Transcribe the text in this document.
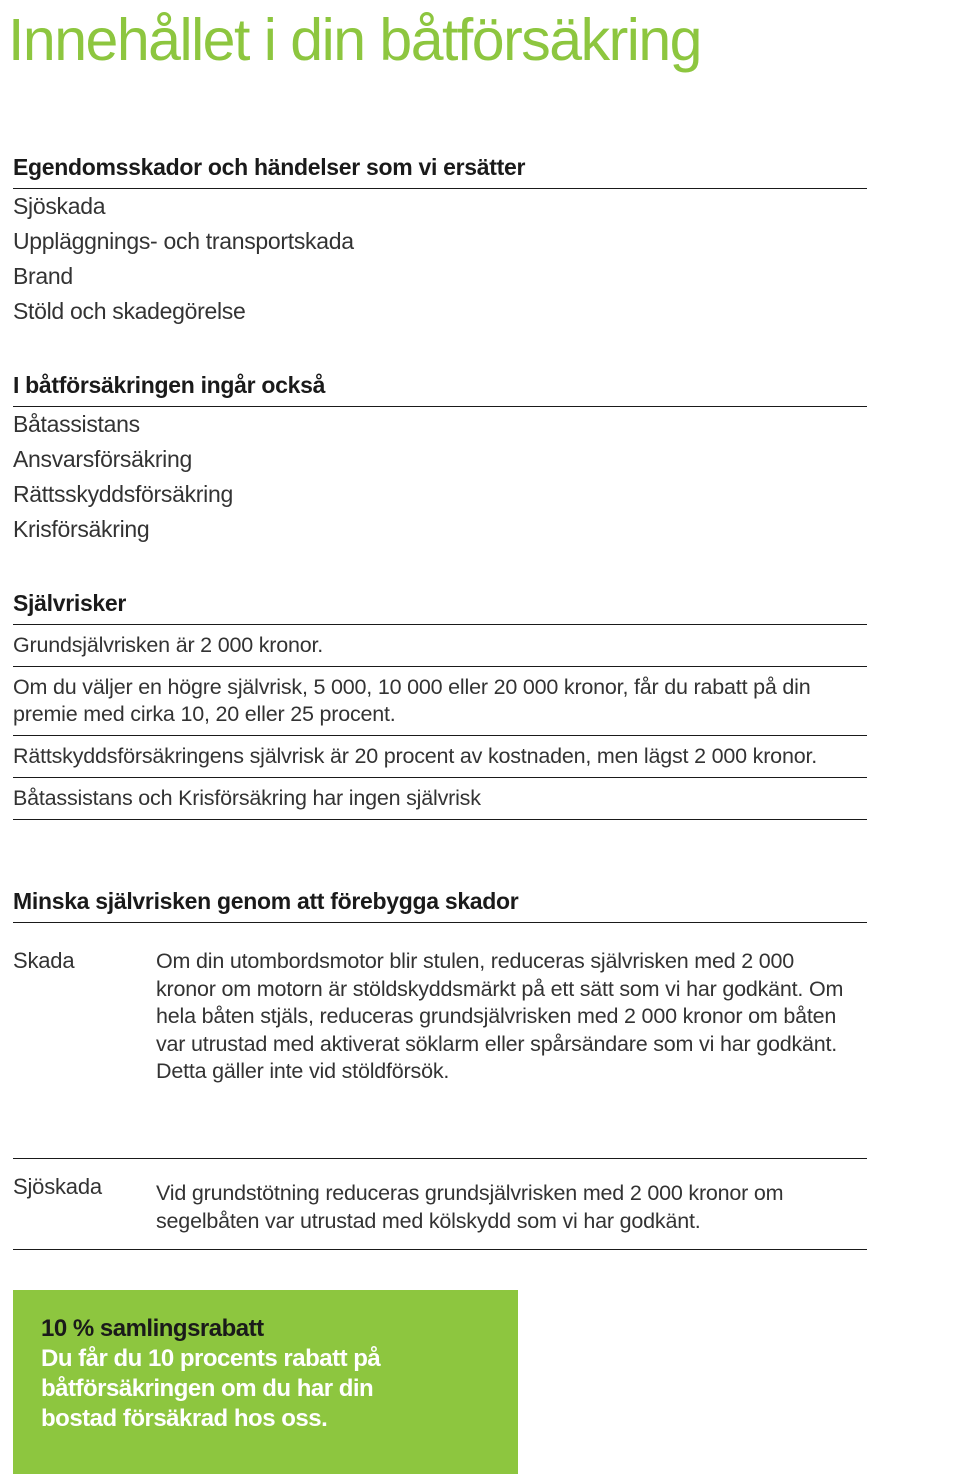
Innehållet i din båtförsäkring
Egendomsskador och händelser som vi ersätter
Sjöskada
Uppläggnings- och transportskada
Brand
Stöld och skadegörelse
I båtförsäkringen ingår också
Båtassistans
Ansvarsförsäkring
Rättsskyddsförsäkring
Krisförsäkring
Självrisker
Grundsjälvrisken är 2 000 kronor.
Om du väljer en högre självrisk, 5 000, 10 000 eller 20 000 kronor, får du rabatt på din premie med cirka 10, 20 eller 25 procent.
Rättskyddsförsäkringens självrisk är 20 procent av kostnaden, men lägst 2 000 kronor.
Båtassistans och Krisförsäkring har ingen självrisk
Minska självrisken genom att förebygga skador
Skada	Om din utombordsmotor blir stulen, reduceras självrisken med 2 000 kronor om motorn är stöldskyddsmärkt på ett sätt som vi har godkänt. Om hela båten stjäls, reduceras grundsjälvrisken med 2 000 kronor om båten var utrustad med aktiverat söklarm eller spårsändare som vi har godkänt. Detta gäller inte vid stöldförsök.
Sjöskada	Vid grundstötning reduceras grundsjälvrisken med 2 000 kronor om segelbåten var utrustad med kölskydd som vi har godkänt.
10 % samlingsrabatt
Du får du 10 procents rabatt på båtförsäkringen om du har din bostad försäkrad hos oss.
